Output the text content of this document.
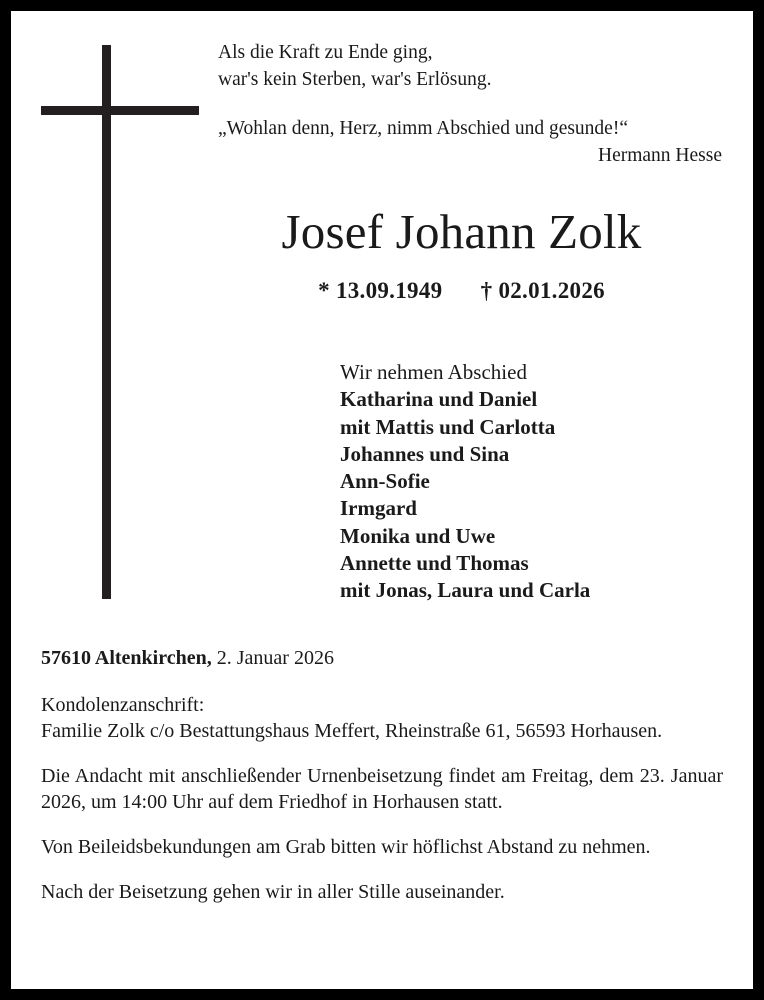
Als die Kraft zu Ende ging,
war's kein Sterben, war's Erlösung.
„Wohlan denn, Herz, nimm Abschied und gesunde!“
Hermann Hesse
Josef Johann Zolk
* 13.09.1949 † 02.01.2026
Wir nehmen Abschied
Katharina und Daniel
mit Mattis und Carlotta
Johannes und Sina
Ann-Sofie
Irmgard
Monika und Uwe
Annette und Thomas
mit Jonas, Laura und Carla
57610 Altenkirchen, 2. Januar 2026
Kondolenzanschrift:
Familie Zolk c/o Bestattungshaus Meffert, Rheinstraße 61, 56593 Horhausen.
Die Andacht mit anschließender Urnenbeisetzung findet am Freitag, dem 23. Januar 2026, um 14:00 Uhr auf dem Friedhof in Horhausen statt.
Von Beileidsbekundungen am Grab bitten wir höflichst Abstand zu nehmen.
Nach der Beisetzung gehen wir in aller Stille auseinander.
